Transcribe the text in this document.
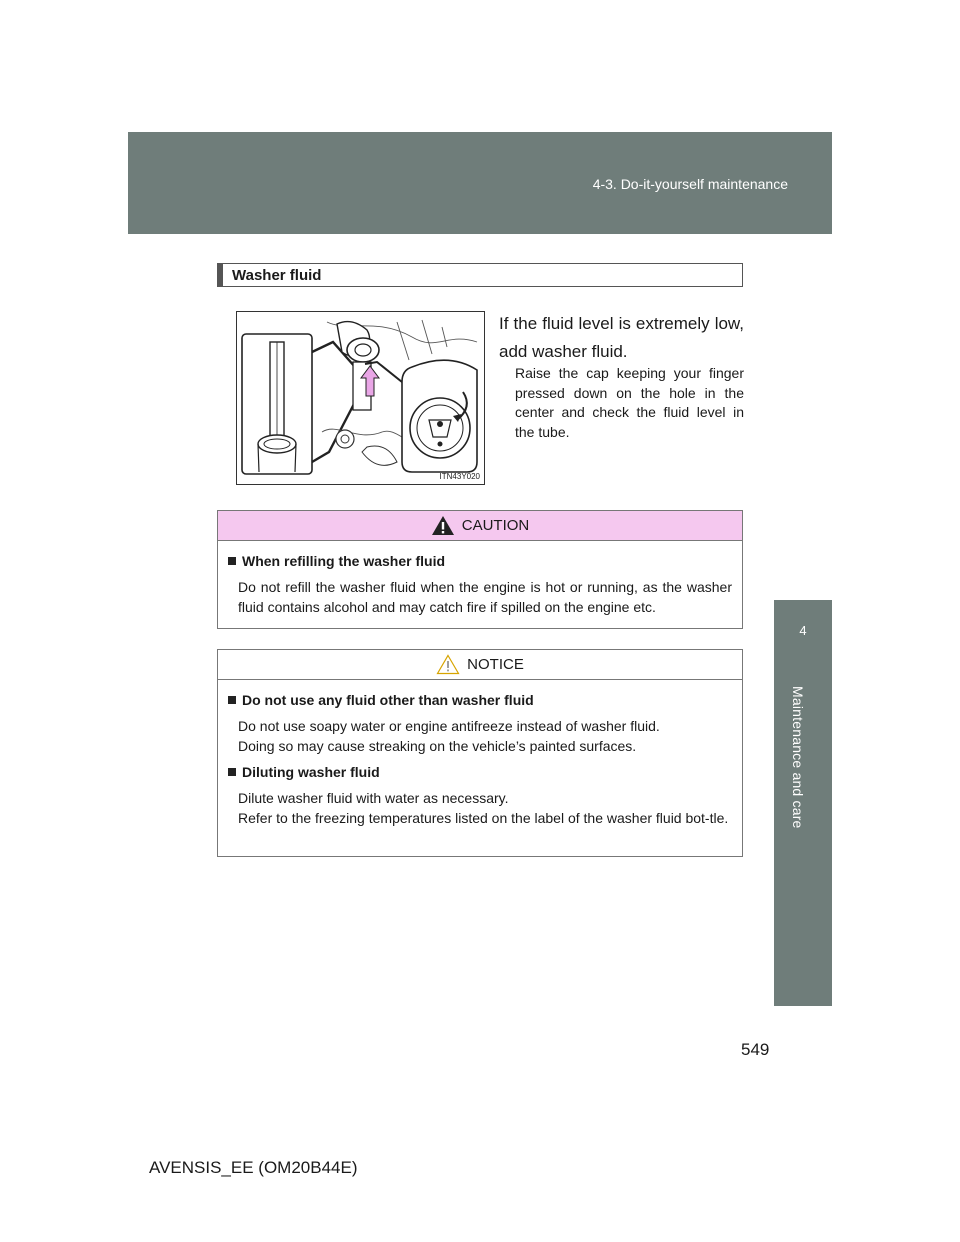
4-3. Do-it-yourself maintenance
4
Maintenance and care
Washer fluid
ITN43Y020
If the fluid level is extremely low, add washer fluid.
Raise the cap keeping your finger pressed down on the hole in the center and check the fluid level in the tube.
CAUTION
When refilling the washer fluid
Do not refill the washer fluid when the engine is hot or running, as the washer fluid contains alcohol and may catch fire if spilled on the engine etc.
NOTICE
Do not use any fluid other than washer fluid
Do not use soapy water or engine antifreeze instead of washer fluid.
Doing so may cause streaking on the vehicle’s painted surfaces.
Diluting washer fluid
Dilute washer fluid with water as necessary.
Refer to the freezing temperatures listed on the label of the washer fluid bot-tle.
549
AVENSIS_EE (OM20B44E)
